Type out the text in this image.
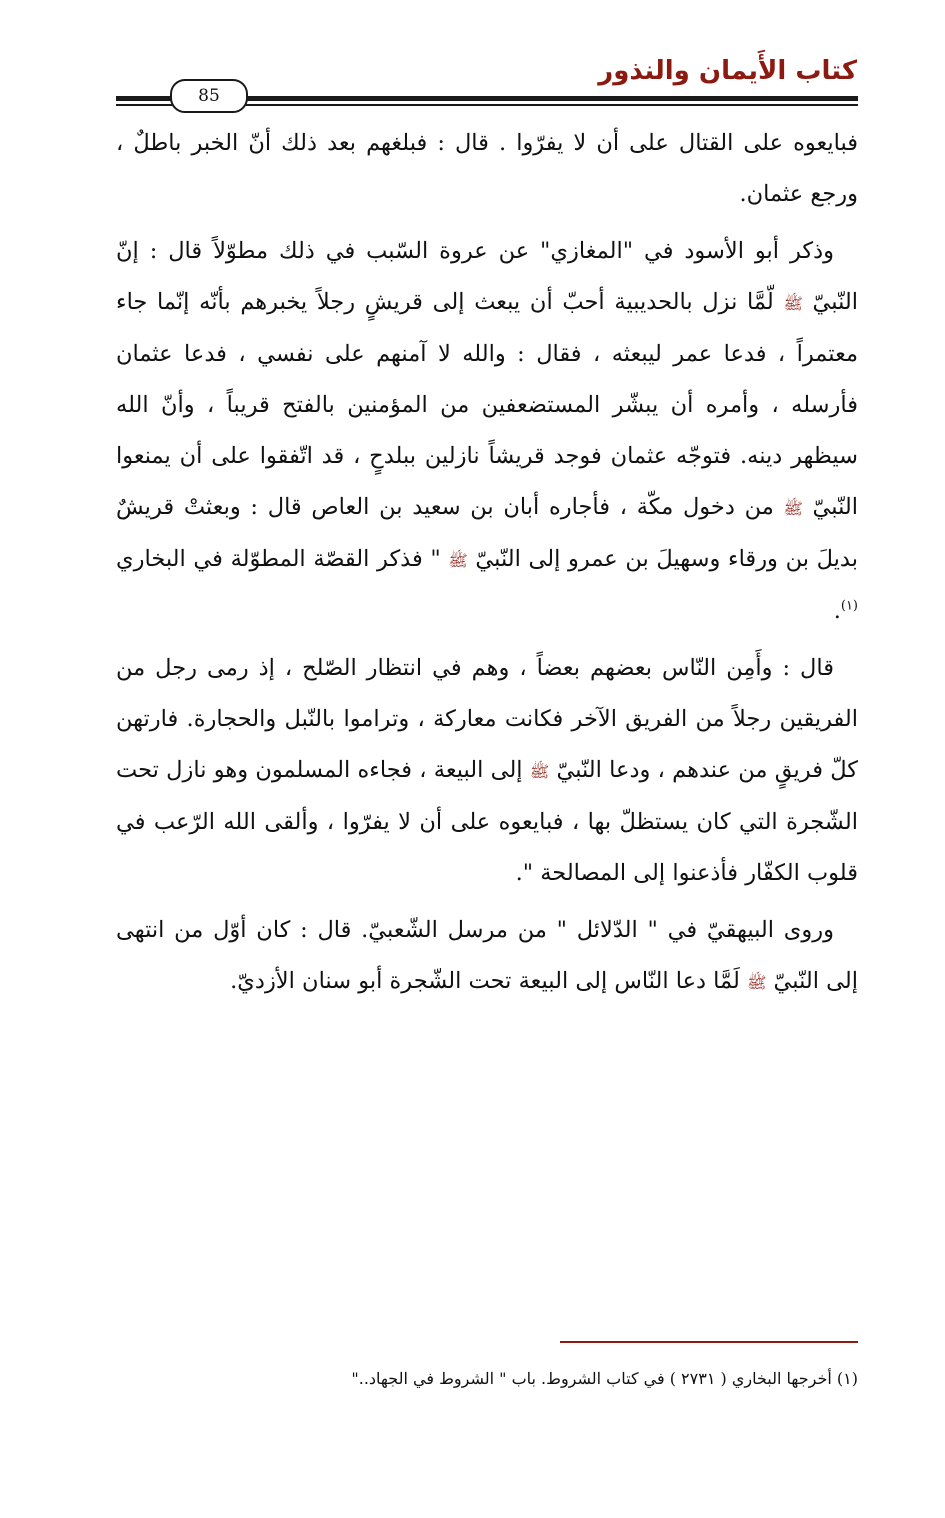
كتاب الأَيمان والنذور
85

فبايعوه على القتال على أن لا يفرّوا . قال : فبلغهم بعد ذلك أنّ الخبر باطلٌ ، ورجع عثمان.

وذكر أبو الأسود في "المغازي" عن عروة السّبب في ذلك مطوّلاً قال : إنّ النّبيّ ﷺ لّمَّا نزل بالحديبية أحبّ أن يبعث إلى قريشٍ رجلاً يخبرهم بأنّه إنّما جاء معتمراً ، فدعا عمر ليبعثه ، فقال : والله لا آمنهم على نفسي ، فدعا عثمان فأرسله ، وأمره أن يبشّر المستضعفين من المؤمنين بالفتح قريباً ، وأنّ الله سيظهر دينه. فتوجّه عثمان فوجد قريشاً نازلين ببلدحٍ ، قد اتّفقوا على أن يمنعوا النّبيّ ﷺ من دخول مكّة ، فأجاره أبان بن سعيد بن العاص قال : وبعثتْ قريشٌ بديلَ بن ورقاء وسهيلَ بن عمرو إلى النّبيّ ﷺ " فذكر القصّة المطوّلة في البخاري $^{(١)}$.

قال : وأَمِن النّاس بعضهم بعضاً ، وهم في انتظار الصّلح ، إذ رمى رجل من الفريقين رجلاً من الفريق الآخر فكانت معاركة ، وتراموا بالنّبل والحجارة. فارتهن كلّ فريقٍ من عندهم ، ودعا النّبيّ ﷺ إلى البيعة ، فجاءه المسلمون وهو نازل تحت الشّجرة التي كان يستظلّ بها ، فبايعوه على أن لا يفرّوا ، وألقى الله الرّعب في قلوب الكفّار فأذعنوا إلى المصالحة ".

وروى البيهقيّ في " الدّلائل " من مرسل الشّعبيّ. قال : كان أوّل من انتهى إلى النّبيّ ﷺ لَمَّا دعا النّاس إلى البيعة تحت الشّجرة أبو سنان الأزديّ.

(١) أخرجها البخاري ( ٢٧٣١ ) في كتاب الشروط. باب " الشروط في الجهاد.."
